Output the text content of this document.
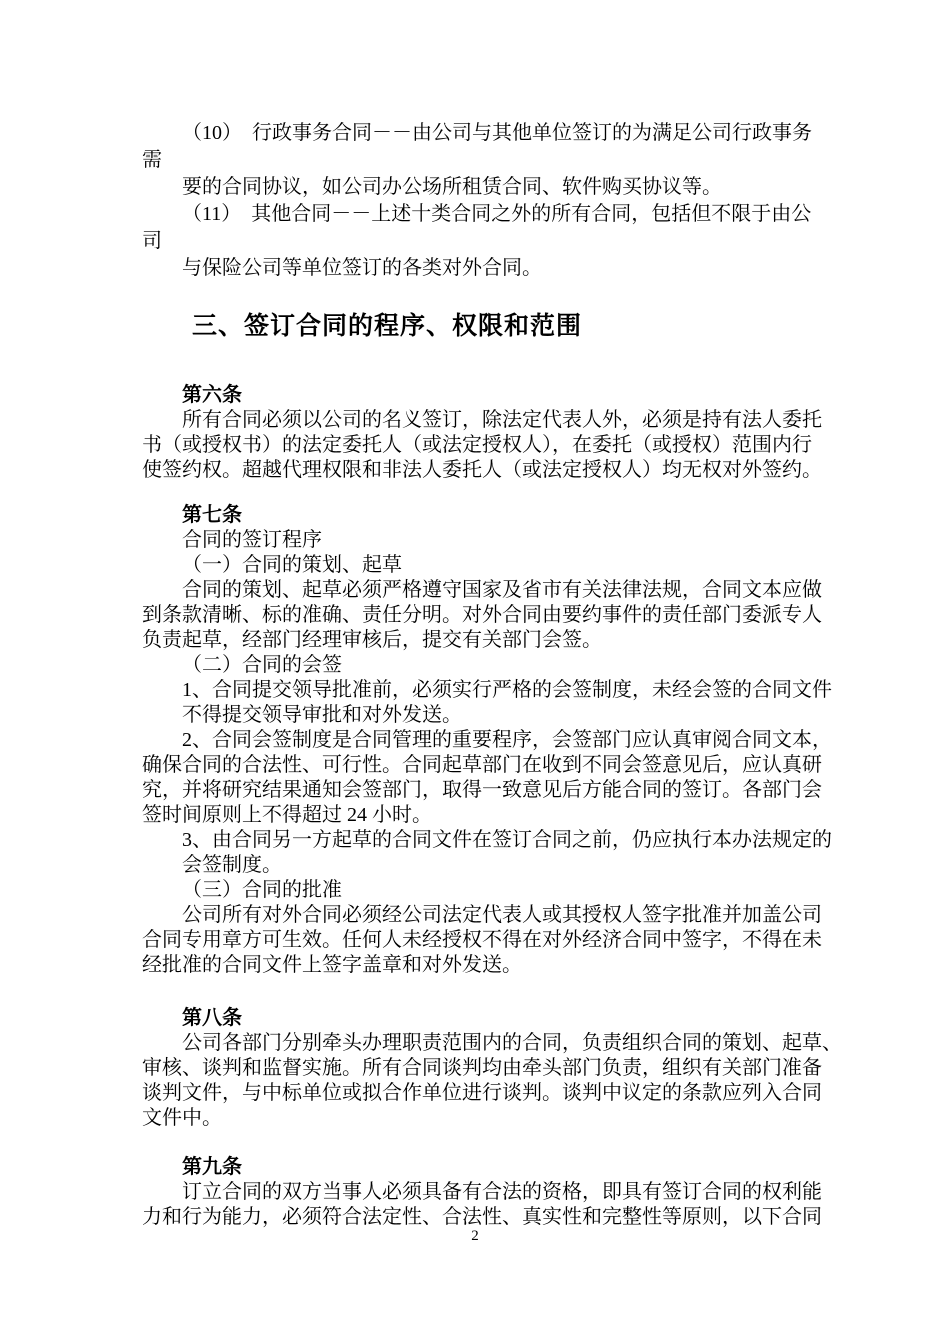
（10）　行政事务合同－－由公司与其他单位签订的为满足公司行政事务
需
要的合同协议，如公司办公场所租赁合同、软件购买协议等。
（11）　其他合同－－上述十类合同之外的所有合同，包括但不限于由公
司
与保险公司等单位签订的各类对外合同。
三、签订合同的程序、权限和范围
第六条
所有合同必须以公司的名义签订，除法定代表人外，必须是持有法人委托
书（或授权书）的法定委托人（或法定授权人），在委托（或授权）范围内行
使签约权。超越代理权限和非法人委托人（或法定授权人）均无权对外签约。
第七条
合同的签订程序
（一）合同的策划、起草
合同的策划、起草必须严格遵守国家及省市有关法律法规，合同文本应做
到条款清晰、标的准确、责任分明。对外合同由要约事件的责任部门委派专人
负责起草，经部门经理审核后，提交有关部门会签。
（二）合同的会签
1、合同提交领导批准前，必须实行严格的会签制度，未经会签的合同文件
不得提交领导审批和对外发送。
2、合同会签制度是合同管理的重要程序，会签部门应认真审阅合同文本，
确保合同的合法性、可行性。合同起草部门在收到不同会签意见后，应认真研
究，并将研究结果通知会签部门，取得一致意见后方能合同的签订。各部门会
签时间原则上不得超过 24 小时。
3、由合同另一方起草的合同文件在签订合同之前，仍应执行本办法规定的
会签制度。
（三）合同的批准
公司所有对外合同必须经公司法定代表人或其授权人签字批准并加盖公司
合同专用章方可生效。任何人未经授权不得在对外经济合同中签字，不得在未
经批准的合同文件上签字盖章和对外发送。
第八条
公司各部门分别牵头办理职责范围内的合同，负责组织合同的策划、起草、
审核、谈判和监督实施。所有合同谈判均由牵头部门负责，组织有关部门准备
谈判文件，与中标单位或拟合作单位进行谈判。谈判中议定的条款应列入合同
文件中。
第九条
订立合同的双方当事人必须具备有合法的资格，即具有签订合同的权利能
力和行为能力，必须符合法定性、合法性、真实性和完整性等原则，以下合同
2
